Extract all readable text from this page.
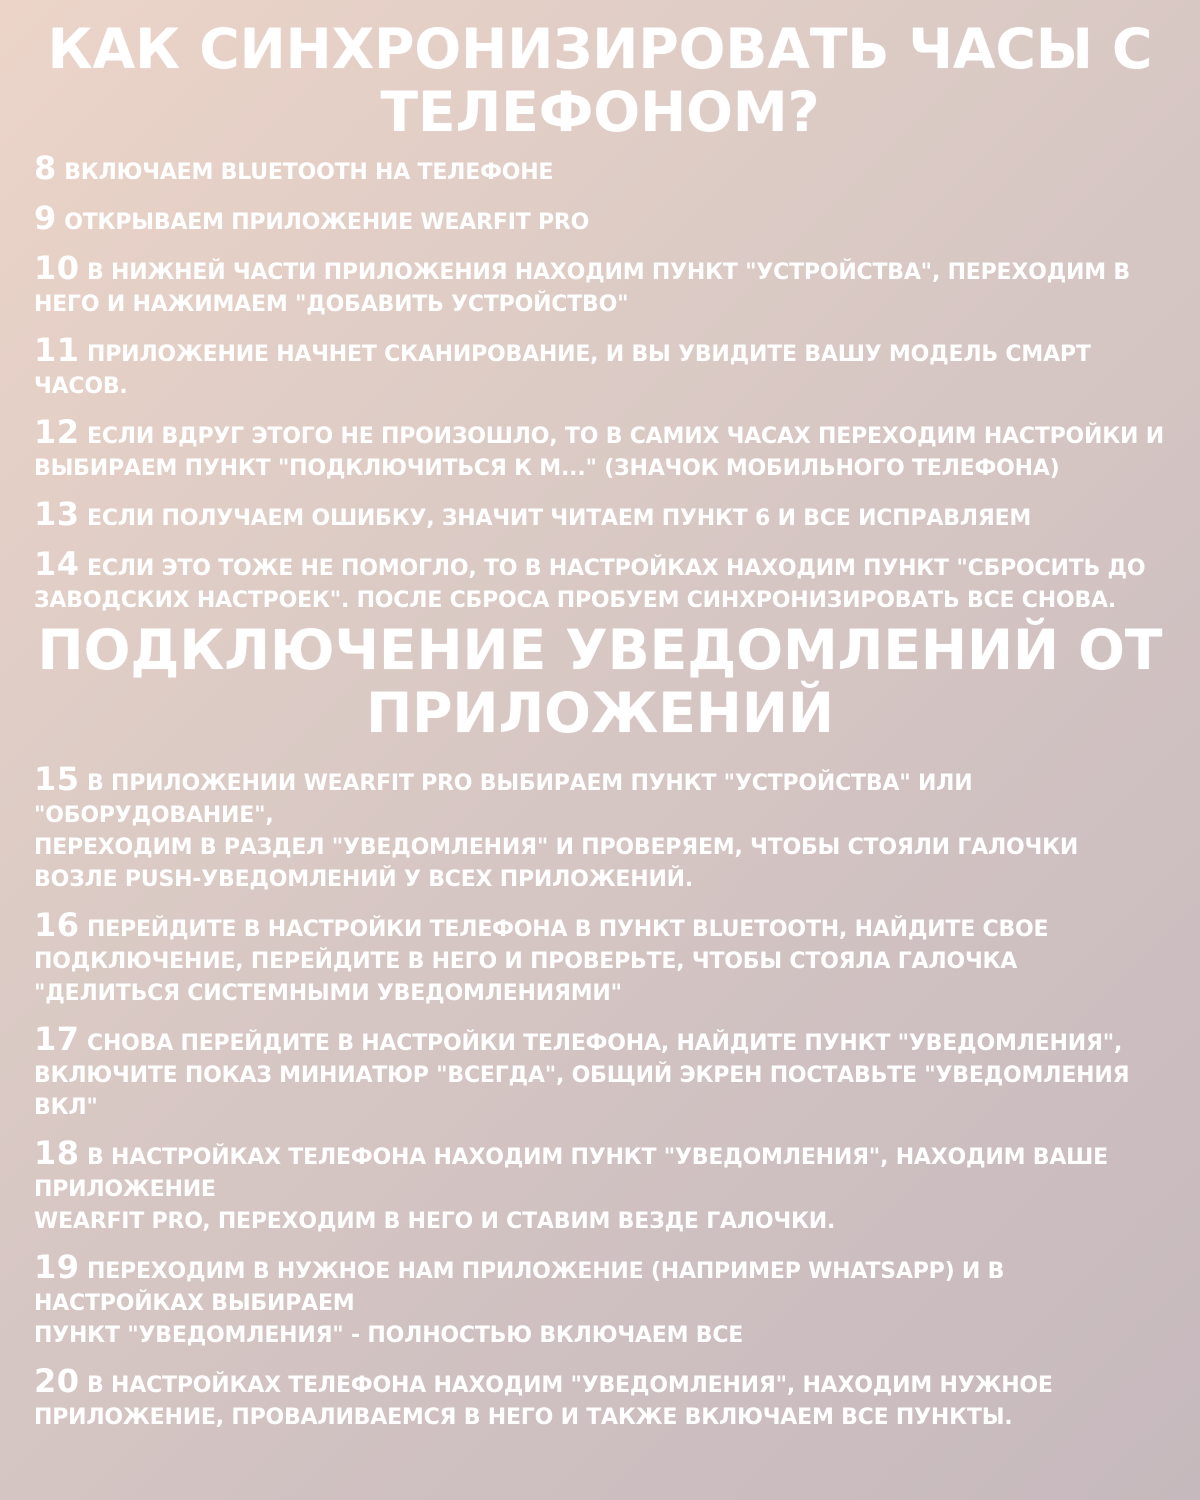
КАК СИНХРОНИЗИРОВАТЬ ЧАСЫ С ТЕЛЕФОНОМ?
8 ВКЛЮЧАЕМ BLUETOOTH НА ТЕЛЕФОНЕ
9 ОТКРЫВАЕМ ПРИЛОЖЕНИЕ WEARFIT PRO
10 В НИЖНЕЙ ЧАСТИ ПРИЛОЖЕНИЯ НАХОДИМ ПУНКТ "УСТРОЙСТВА", ПЕРЕХОДИМ В НЕГО И НАЖИМАЕМ "ДОБАВИТЬ УСТРОЙСТВО"
11 ПРИЛОЖЕНИЕ НАЧНЕТ СКАНИРОВАНИЕ, И ВЫ УВИДИТЕ ВАШУ МОДЕЛЬ СМАРТ ЧАСОВ.
12 ЕСЛИ ВДРУГ ЭТОГО НЕ ПРОИЗОШЛО, ТО В САМИХ ЧАСАХ ПЕРЕХОДИМ НАСТРОЙКИ И ВЫБИРАЕМ ПУНКТ "ПОДКЛЮЧИТЬСЯ К М..." (ЗНАЧОК МОБИЛЬНОГО ТЕЛЕФОНА)
13 ЕСЛИ ПОЛУЧАЕМ ОШИБКУ, ЗНАЧИТ ЧИТАЕМ ПУНКТ 6 И ВСЕ ИСПРАВЛЯЕМ
14 ЕСЛИ ЭТО ТОЖЕ НЕ ПОМОГЛО, ТО В НАСТРОЙКАХ НАХОДИМ ПУНКТ "СБРОСИТЬ ДО ЗАВОДСКИХ НАСТРОЕК". ПОСЛЕ СБРОСА ПРОБУЕМ СИНХРОНИЗИРОВАТЬ ВСЕ СНОВА.
ПОДКЛЮЧЕНИЕ УВЕДОМЛЕНИЙ ОТ ПРИЛОЖЕНИЙ
15 В ПРИЛОЖЕНИИ WEARFIT PRO ВЫБИРАЕМ ПУНКТ "УСТРОЙСТВА" ИЛИ "ОБОРУДОВАНИЕ",
ПЕРЕХОДИМ В РАЗДЕЛ "УВЕДОМЛЕНИЯ" И ПРОВЕРЯЕМ, ЧТОБЫ СТОЯЛИ ГАЛОЧКИ ВОЗЛЕ PUSH-УВЕДОМЛЕНИЙ У ВСЕХ ПРИЛОЖЕНИЙ.
16 ПЕРЕЙДИТЕ В НАСТРОЙКИ ТЕЛЕФОНА В ПУНКТ BLUETOOTH, НАЙДИТЕ СВОЕ ПОДКЛЮЧЕНИЕ, ПЕРЕЙДИТЕ В НЕГО И ПРОВЕРЬТЕ, ЧТОБЫ СТОЯЛА ГАЛОЧКА "ДЕЛИТЬСЯ СИСТЕМНЫМИ УВЕДОМЛЕНИЯМИ"
17 СНОВА ПЕРЕЙДИТЕ В НАСТРОЙКИ ТЕЛЕФОНА, НАЙДИТЕ ПУНКТ "УВЕДОМЛЕНИЯ", ВКЛЮЧИТЕ ПОКАЗ МИНИАТЮР "ВСЕГДА", ОБЩИЙ ЭКРЕН ПОСТАВЬТЕ "УВЕДОМЛЕНИЯ ВКЛ"
18 В НАСТРОЙКАХ ТЕЛЕФОНА НАХОДИМ ПУНКТ "УВЕДОМЛЕНИЯ", НАХОДИМ ВАШЕ ПРИЛОЖЕНИЕ
WEARFIT PRO, ПЕРЕХОДИМ В НЕГО И СТАВИМ ВЕЗДЕ ГАЛОЧКИ.
19 ПЕРЕХОДИМ В НУЖНОЕ НАМ ПРИЛОЖЕНИЕ (НАПРИМЕР WHATSAPP) И В НАСТРОЙКАХ ВЫБИРАЕМ
ПУНКТ "УВЕДОМЛЕНИЯ" - ПОЛНОСТЬЮ ВКЛЮЧАЕМ ВСЕ
20 В НАСТРОЙКАХ ТЕЛЕФОНА НАХОДИМ "УВЕДОМЛЕНИЯ", НАХОДИМ НУЖНОЕ ПРИЛОЖЕНИЕ, ПРОВАЛИВАЕМСЯ В НЕГО И ТАКЖЕ ВКЛЮЧАЕМ ВСЕ ПУНКТЫ.
